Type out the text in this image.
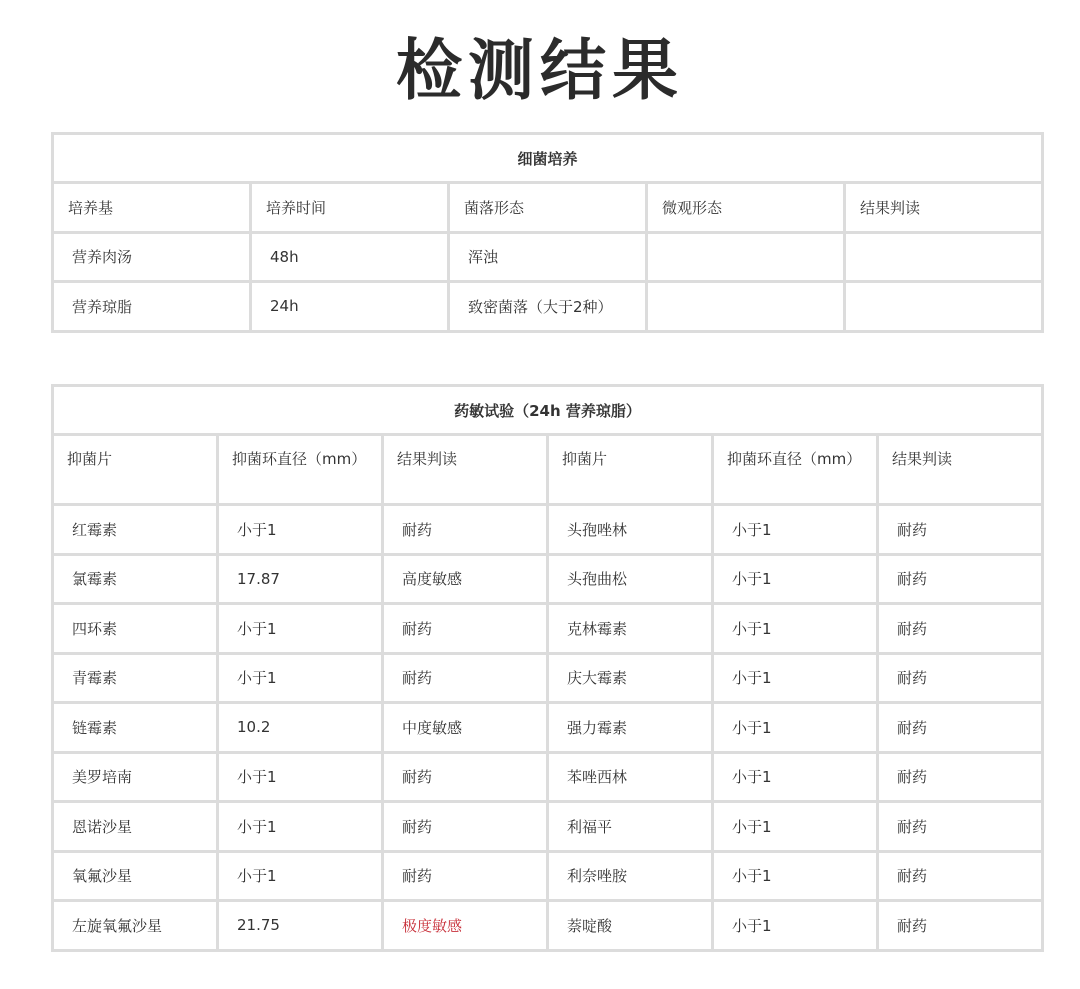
检测结果
细菌培养				
培养基	培养时间	菌落形态	微观形态	结果判读
营养肉汤	48h	浑浊		
营养琼脂	24h	致密菌落（大于2种）		
药敏试验（24h 营养琼脂）					
抑菌片	抑菌环直径（mm）	结果判读	抑菌片	抑菌环直径（mm）	结果判读
红霉素	小于1	耐药	头孢唑林	小于1	耐药
氯霉素	17.87	高度敏感	头孢曲松	小于1	耐药
四环素	小于1	耐药	克林霉素	小于1	耐药
青霉素	小于1	耐药	庆大霉素	小于1	耐药
链霉素	10.2	中度敏感	强力霉素	小于1	耐药
美罗培南	小于1	耐药	苯唑西林	小于1	耐药
恩诺沙星	小于1	耐药	利福平	小于1	耐药
氧氟沙星	小于1	耐药	利奈唑胺	小于1	耐药
左旋氧氟沙星	21.75	极度敏感	萘啶酸	小于1	耐药
